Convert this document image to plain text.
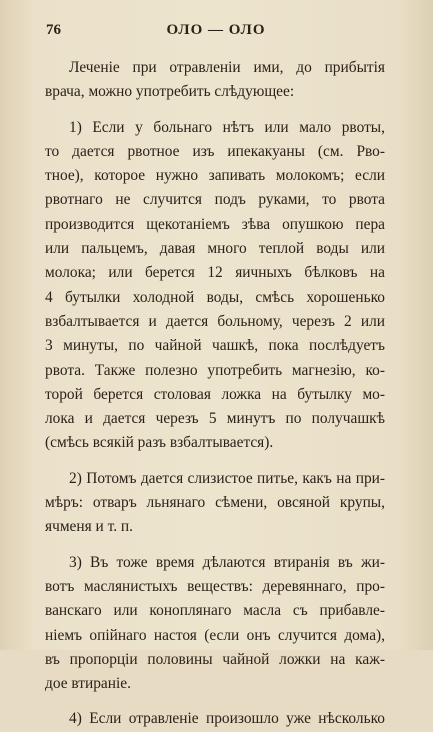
76	ОЛО — ОЛО

Леченіе при отравленіи ими, до прибытія
врача, можно употребить слѣдующее:

1) Если у больнаго нѣтъ или мало рвоты,
то дается рвотное изъ ипекакуаны (см. Рво-
тное), которое нужно запивать молокомъ; если
рвотнаго не случится подъ руками, то рвота
производится щекотаніемъ зѣва опушкою пера
или пальцемъ, давая много теплой воды или
молока; или берется 12 яичныхъ бѣлковъ на
4 бутылки холодной воды, смѣсь хорошенько
взбалтывается и дается больному, черезъ 2 или
3 минуты, по чайной чашкѣ, пока послѣдуетъ
рвота. Также полезно употребить магнезію, ко-
торой берется столовая ложка на бутылку мо-
лока и дается черезъ 5 минутъ по получашкѣ
(смѣсь всякій разъ взбалтывается).

2) Потомъ дается слизистое питье, какъ на при-
мѣръ: отваръ льнянаго сѣмени, овсяной крупы,
ячменя и т. п.

3) Въ тоже время дѣлаются втиранія въ жи-
вотъ маслянистыхъ веществъ: деревяннаго, про-
ванскаго или коноплянаго масла съ прибавле-
ніемъ опійнаго настоя (если онъ случится дома),
въ пропорціи половины чайной ложки на каж-
дое втираніе.

4) Если отравленіе произошло уже нѣсколько
